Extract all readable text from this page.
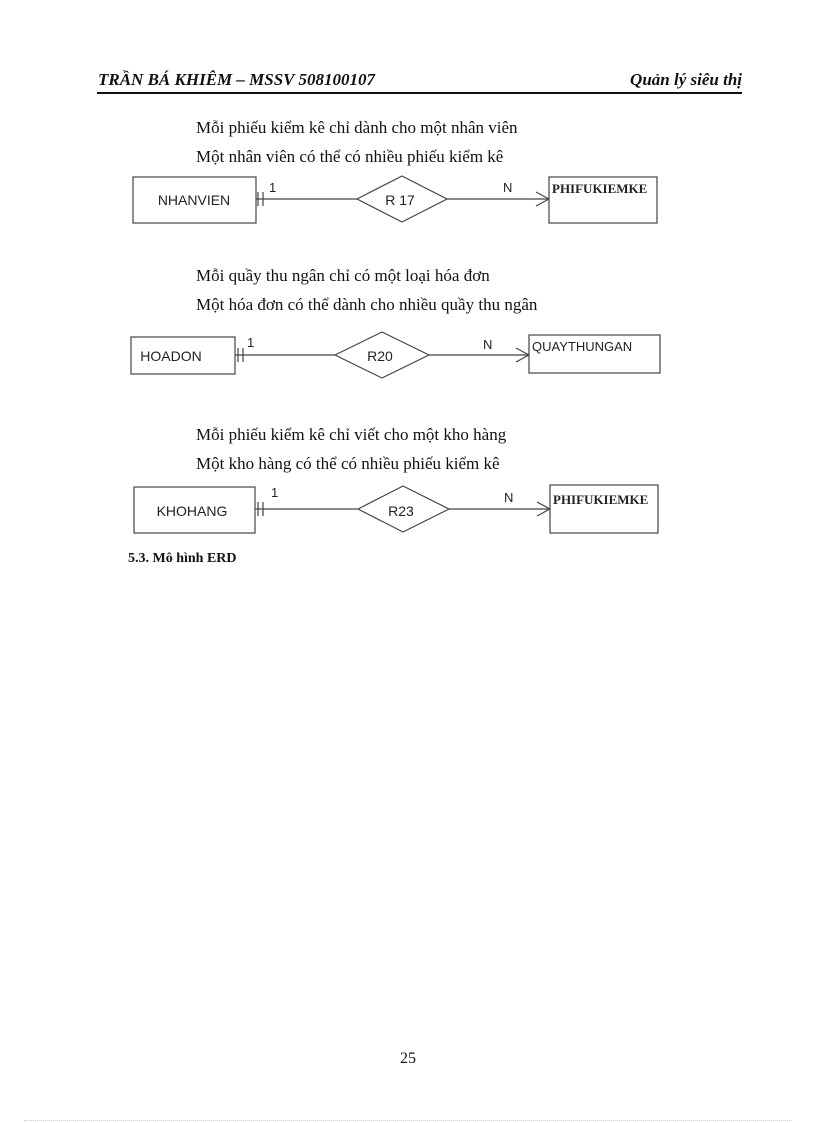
TRẦN BÁ KHIÊM – MSSV 508100107	Quản lý siêu thị
Mỗi phiếu kiểm kê chỉ dành cho một nhân viên
Một nhân viên có thể có nhiều phiếu kiểm kê
Mỗi quầy thu ngân chỉ có một loại hóa đơn
Một hóa đơn có thể dành cho nhiều quầy thu ngân
Mỗi phiếu kiểm kê chỉ viết cho một kho hàng
Một kho hàng có thể có nhiều phiếu kiểm kê
NHANVIEN
1
R 17
N	PHIFUKIEMKE
HOADON
1
R20
N	QUAYTHUNGAN
KHOHANG
1
R23
N	PHIFUKIEMKE
5.3. Mô hình ERD
25
